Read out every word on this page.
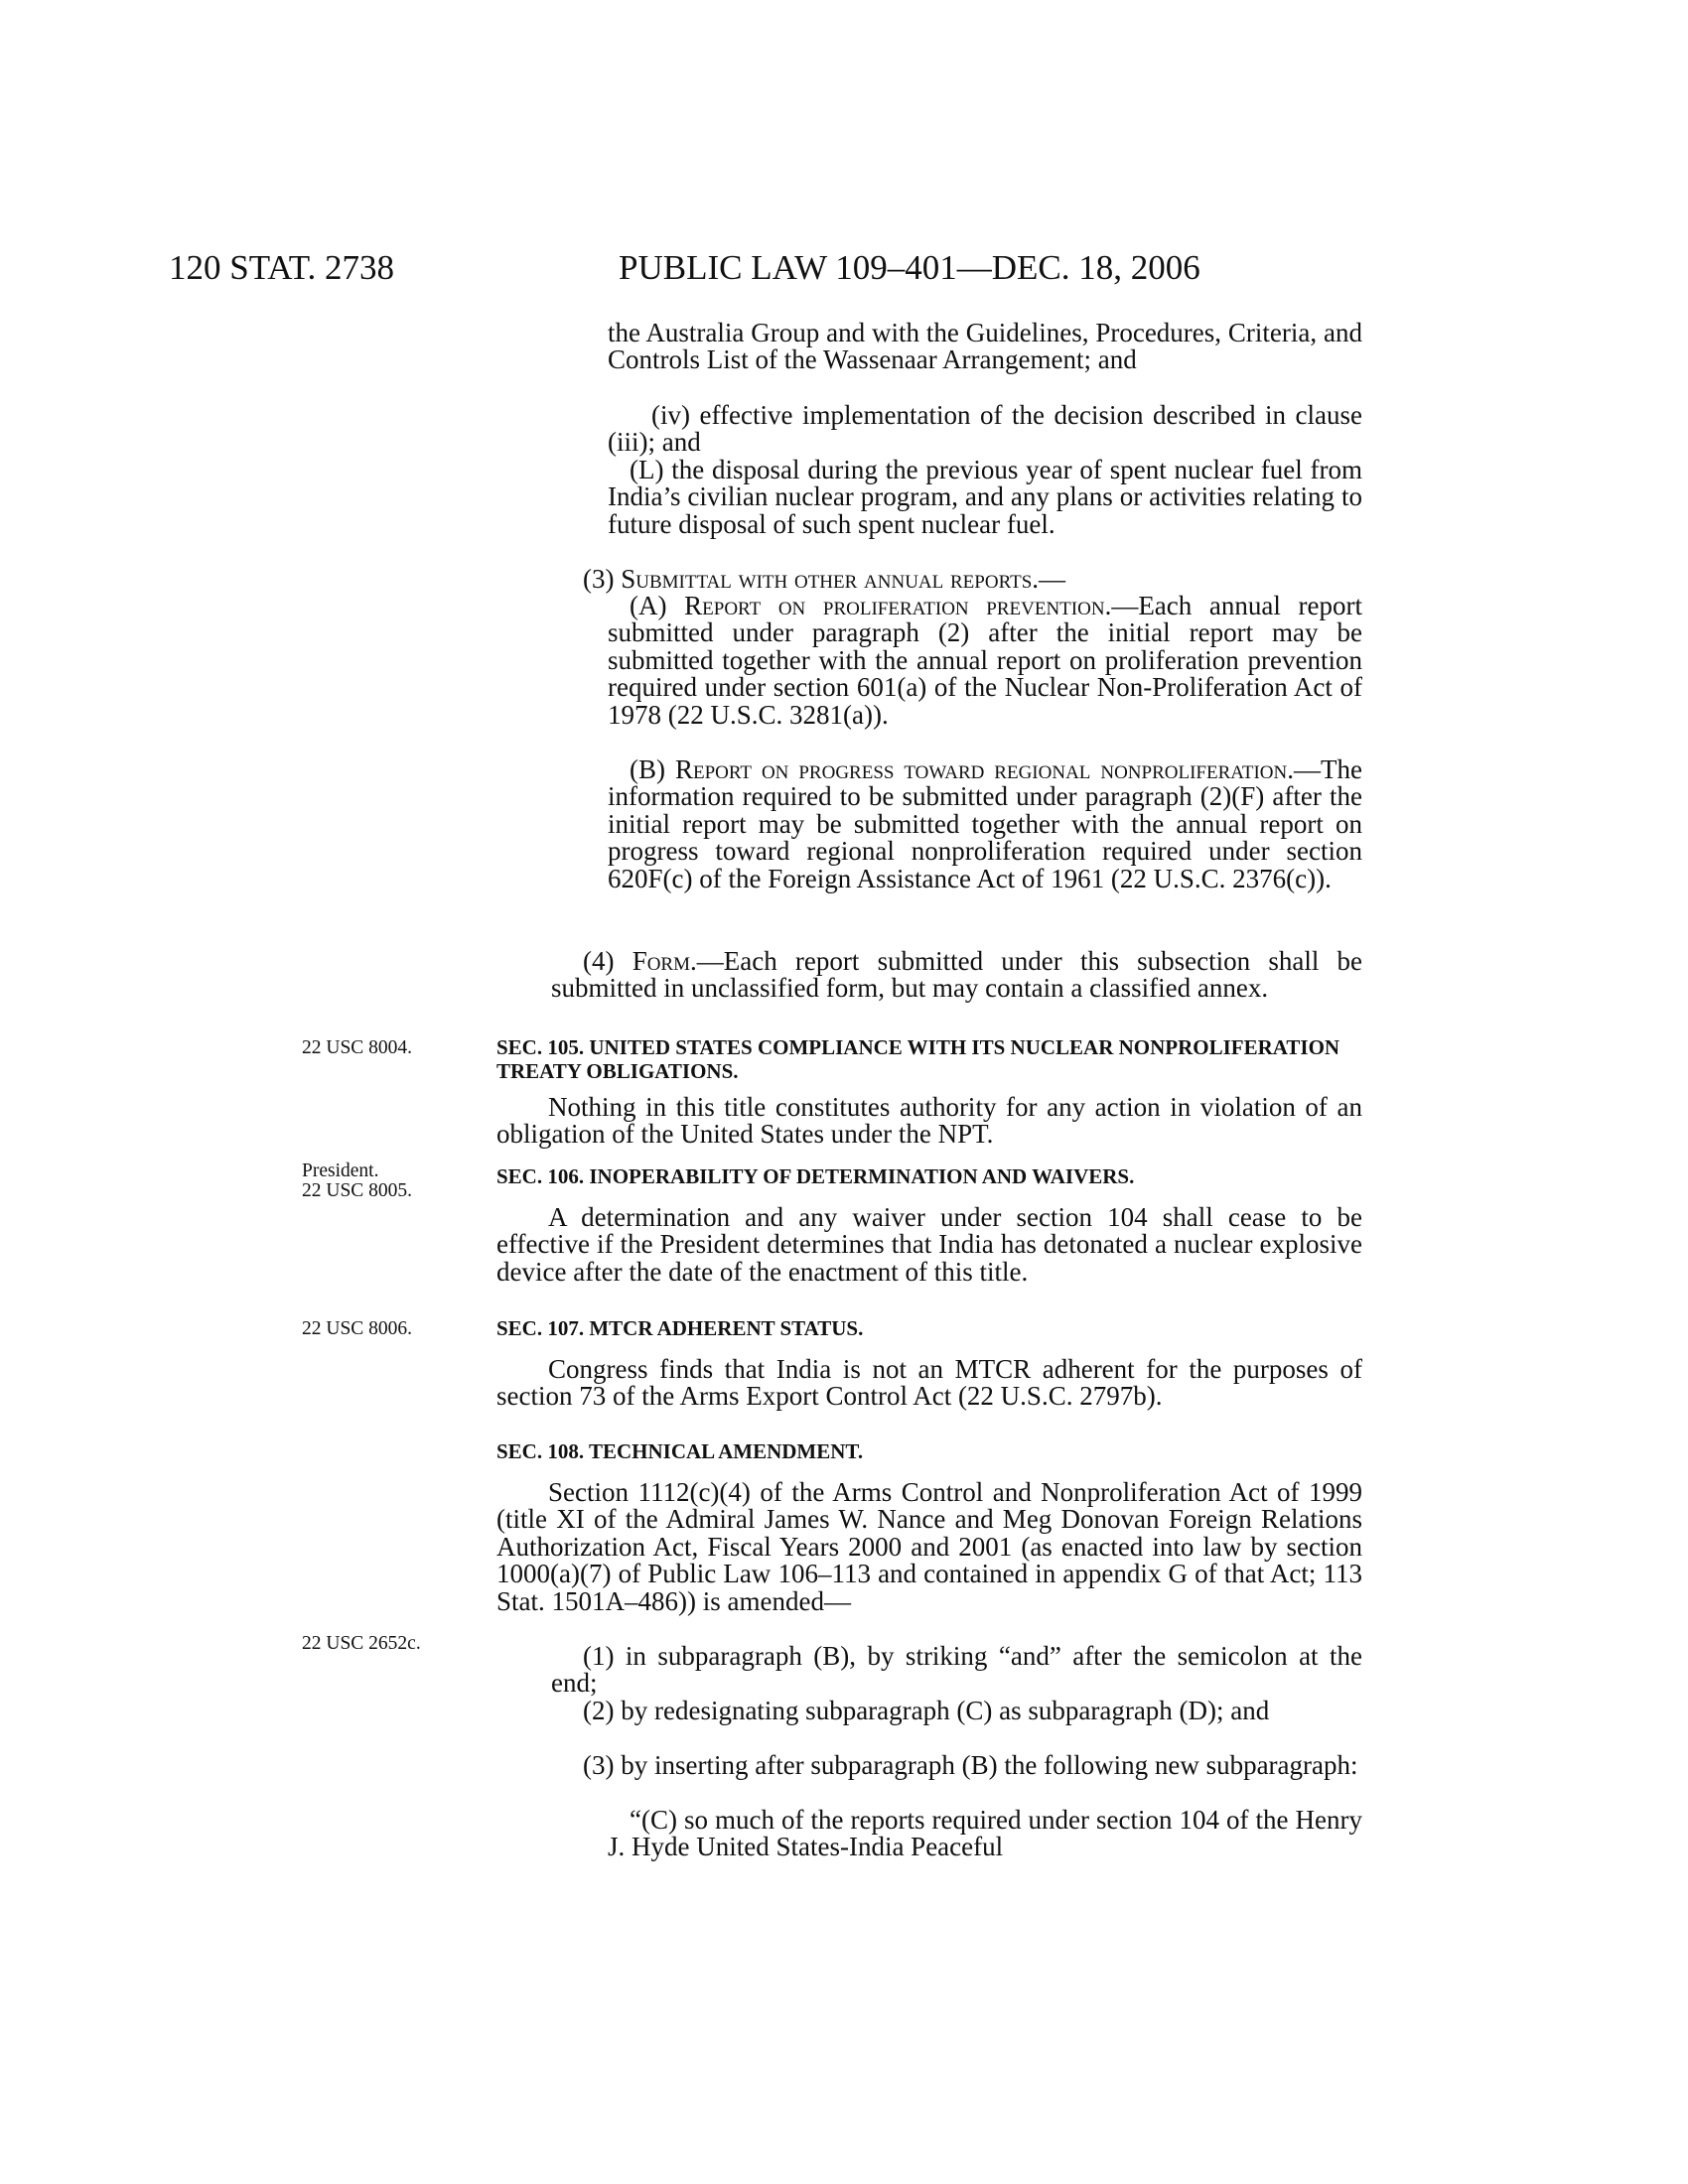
120 STAT. 2738	PUBLIC LAW 109–401—DEC. 18, 2006
the Australia Group and with the Guidelines, Procedures, Criteria, and Controls List of the Wassenaar Arrangement; and
(iv) effective implementation of the decision described in clause (iii); and
(L) the disposal during the previous year of spent nuclear fuel from India’s civilian nuclear program, and any plans or activities relating to future disposal of such spent nuclear fuel.
(3) Submittal with other annual reports.—
(A) Report on proliferation prevention.—Each annual report submitted under paragraph (2) after the initial report may be submitted together with the annual report on proliferation prevention required under section 601(a) of the Nuclear Non-Proliferation Act of 1978 (22 U.S.C. 3281(a)).
(B) Report on progress toward regional nonproliferation.—The information required to be submitted under paragraph (2)(F) after the initial report may be submitted together with the annual report on progress toward regional nonproliferation required under section 620F(c) of the Foreign Assistance Act of 1961 (22 U.S.C. 2376(c)).
(4) Form.—Each report submitted under this subsection shall be submitted in unclassified form, but may contain a classified annex.
22 USC 8004.	SEC. 105. UNITED STATES COMPLIANCE WITH ITS NUCLEAR NONPROLIFERATION TREATY OBLIGATIONS.
Nothing in this title constitutes authority for any action in violation of an obligation of the United States under the NPT.
President.
22 USC 8005.
SEC. 106. INOPERABILITY OF DETERMINATION AND WAIVERS.
A determination and any waiver under section 104 shall cease to be effective if the President determines that India has detonated a nuclear explosive device after the date of the enactment of this title.
22 USC 8006.	SEC. 107. MTCR ADHERENT STATUS.
Congress finds that India is not an MTCR adherent for the purposes of section 73 of the Arms Export Control Act (22 U.S.C. 2797b).
SEC. 108. TECHNICAL AMENDMENT.
Section 1112(c)(4) of the Arms Control and Nonproliferation Act of 1999 (title XI of the Admiral James W. Nance and Meg Donovan Foreign Relations Authorization Act, Fiscal Years 2000 and 2001 (as enacted into law by section 1000(a)(7) of Public Law 106–113 and contained in appendix G of that Act; 113 Stat. 1501A–486)) is amended—
22 USC 2652c.	(1) in subparagraph (B), by striking “and” after the semicolon at the end;
(2) by redesignating subparagraph (C) as subparagraph (D); and
(3) by inserting after subparagraph (B) the following new subparagraph:
“(C) so much of the reports required under section 104 of the Henry J. Hyde United States-India Peaceful
